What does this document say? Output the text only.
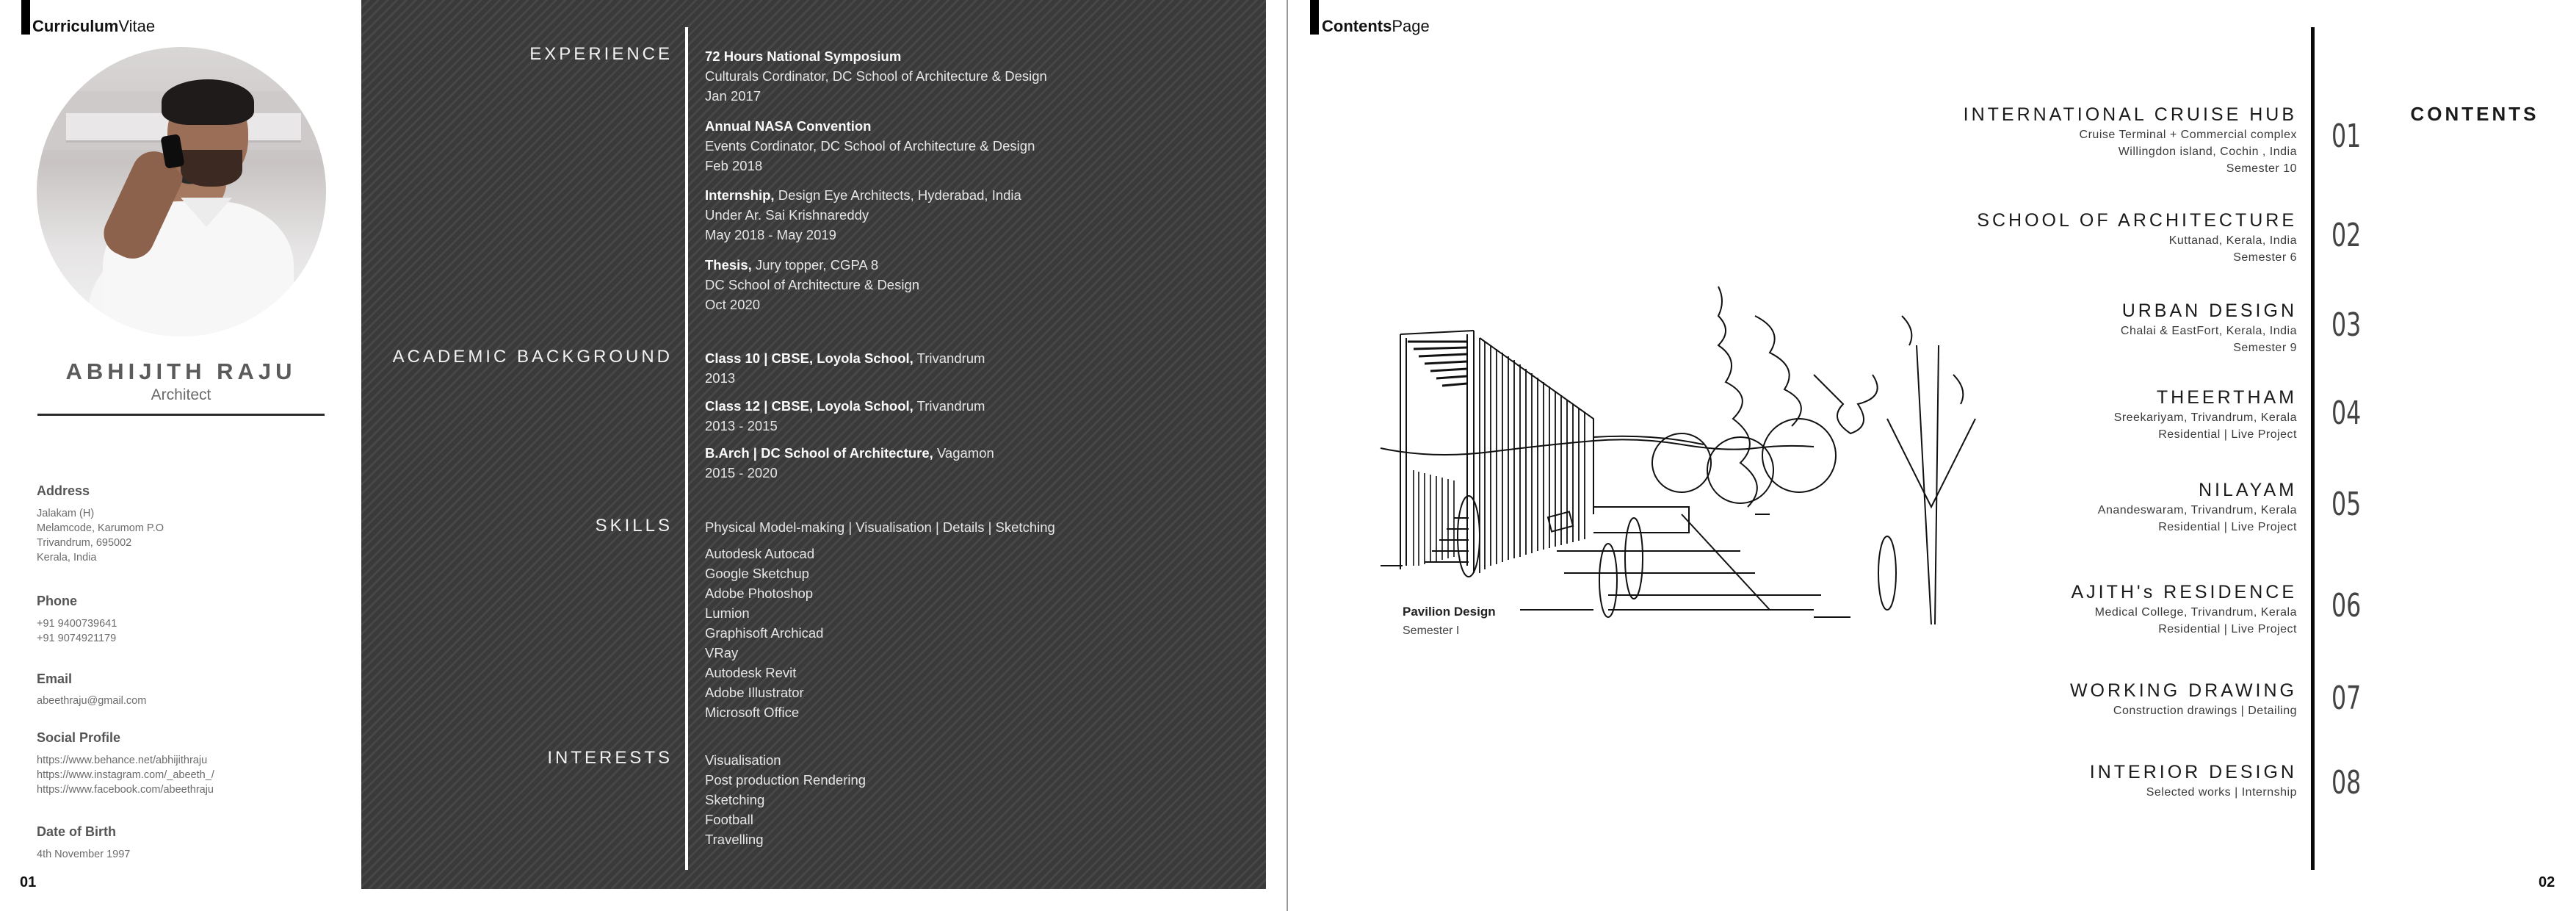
CurriculumVitae
ABHIJITH RAJU
Architect
Address
Jalakam (H)
Melamcode, Karumom P.O
Trivandrum, 695002
Kerala, India
Phone
+91 9400739641
+91 9074921179
Email
abeethraju@gmail.com
Social Profile
https://www.behance.net/abhijithraju
https://www.instagram.com/_abeeth_/
https://www.facebook.com/abeethraju
Date of Birth
4th November 1997
01
EXPERIENCE 72 Hours National Symposium
Culturals Cordinator, DC School of Architecture & Design
Jan 2017
Annual NASA Convention
Events Cordinator, DC School of Architecture & Design
Feb 2018
Internship, Design Eye Architects, Hyderabad, India
Under Ar. Sai Krishnareddy
May 2018 - May 2019
Thesis, Jury topper, CGPA 8
DC School of Architecture & Design
Oct 2020
ACADEMIC BACKGROUND Class 10 | CBSE, Loyola School, Trivandrum
2013
Class 12 | CBSE, Loyola School, Trivandrum
2013 - 2015
B.Arch | DC School of Architecture, Vagamon
2015 - 2020
SKILLS Physical Model-making | Visualisation | Details | Sketching
Autodesk Autocad
Google Sketchup
Adobe Photoshop
Lumion
Graphisoft Archicad
VRay
Autodesk Revit
Adobe Illustrator
Microsoft Office
INTERESTS Visualisation
Post production Rendering
Sketching
Football
Travelling
ContentsPage
Pavilion Design
Semester I
CONTENTS
INTERNATIONAL CRUISE HUB
Cruise Terminal + Commercial complex
Willingdon island, Cochin , India
Semester 10
01
SCHOOL OF ARCHITECTURE
Kuttanad, Kerala, India
Semester 6
02
URBAN DESIGN
Chalai & EastFort, Kerala, India
Semester 9
03
THEERTHAM
Sreekariyam, Trivandrum, Kerala
Residential | Live Project
04
NILAYAM
Anandeswaram, Trivandrum, Kerala
Residential | Live Project
05
AJITH's RESIDENCE
Medical College, Trivandrum, Kerala
Residential | Live Project
06
WORKING DRAWING
Construction drawings | Detailing 07
INTERIOR DESIGN
Selected works | Internship 08
02
